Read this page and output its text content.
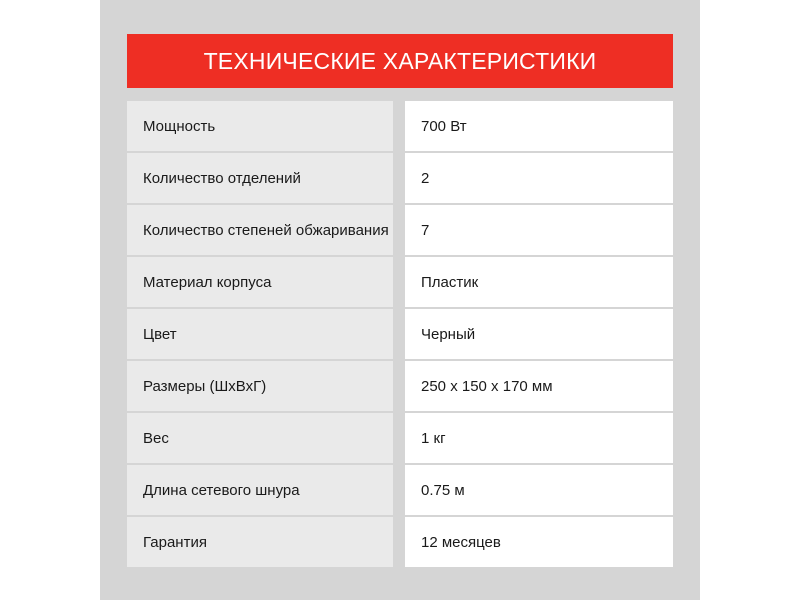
ТЕХНИЧЕСКИЕ ХАРАКТЕРИСТИКИ
Мощность	700 Вт
Количество отделений	2
Количество степеней обжаривания	7
Материал корпуса	Пластик
Цвет	Черный
Размеры (ШхВхГ)	250 х 150 х 170 мм
Вес	1 кг
Длина сетевого шнура	0.75 м
Гарантия	12 месяцев
